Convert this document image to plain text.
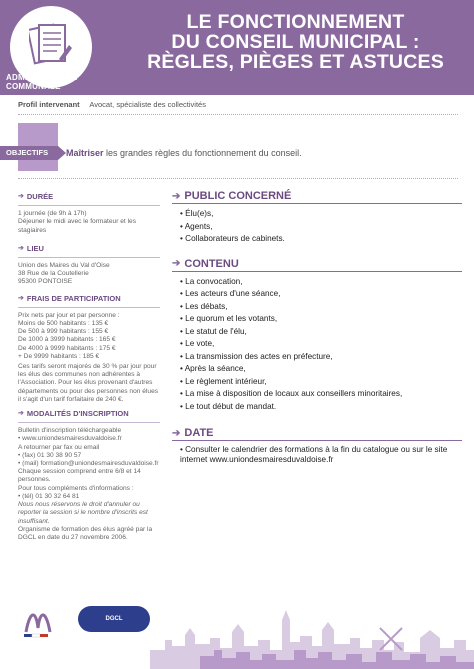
ADMINISTRATION
COMMUNALE
LE FONCTIONNEMENT
DU CONSEIL MUNICIPAL :
RÈGLES, PIÈGES ET ASTUCES
Profil intervenant Avocat, spécialiste des collectivités
OBJECTIFS	Maîtriser les grandes règles du fonctionnement du conseil.
➔ DURÉE

1 journée (de 9h à 17h)

Déjeuner le midi avec le formateur et les stagiaires

➔ LIEU

Union des Maires du Val d'Oise

38 Rue de la Coutellerie

95300 PONTOISE

➔ FRAIS DE PARTICIPATION

Prix nets par jour et par personne :

Moins de 500 habitants : 135 €

De 500 à 999 habitants : 155 €

De 1000 à 3999 habitants : 165 €

De 4000 à 9999 habitants : 175 €

+ De 9999 habitants : 185 €

Ces tarifs seront majorés de 30 % par jour pour les élus des communes non adhérentes à l'Association. Pour les élus provenant d'autres départements ou pour des personnes non élues il s'agit d'un tarif forfaitaire de 240 €.

➔ MODALITÉS D'INSCRIPTION

Bulletin d'inscription téléchargeable

• www.uniondesmairesduvaldoise.fr

A retourner par fax ou email

• (fax) 01 30 38 90 57

• (mail) formation@uniondesmairesduvaldoise.fr

Chaque session comprend entre 6/8 et 14 personnes.

Pour tous compléments d'informations :

• (tél) 01 30 32 64 81

Nous nous réservons le droit d'annuler ou reporter la session si le nombre d'inscrits est insuffisant.

Organisme de formation des élus agréé par la DGCL en date du 27 novembre 2006.

➔ PUBLIC CONCERNÉ
• Élu(e)s,
• Agents,
• Collaborateurs de cabinets.
➔ CONTENU
• La convocation,
• Les acteurs d'une séance,
• Les débats,
• Le quorum et les votants,
• Le statut de l'élu,
• Le vote,
• La transmission des actes en préfecture,
• Après la séance,
• Le règlement intérieur,
• La mise à disposition de locaux aux conseillers minoritaires,
• Le tout début de mandat.
➔ DATE

• Consulter le calendrier des formations à la fin du catalogue ou sur le site internet www.uniondesmairesduvaldoise.fr

DGCL
